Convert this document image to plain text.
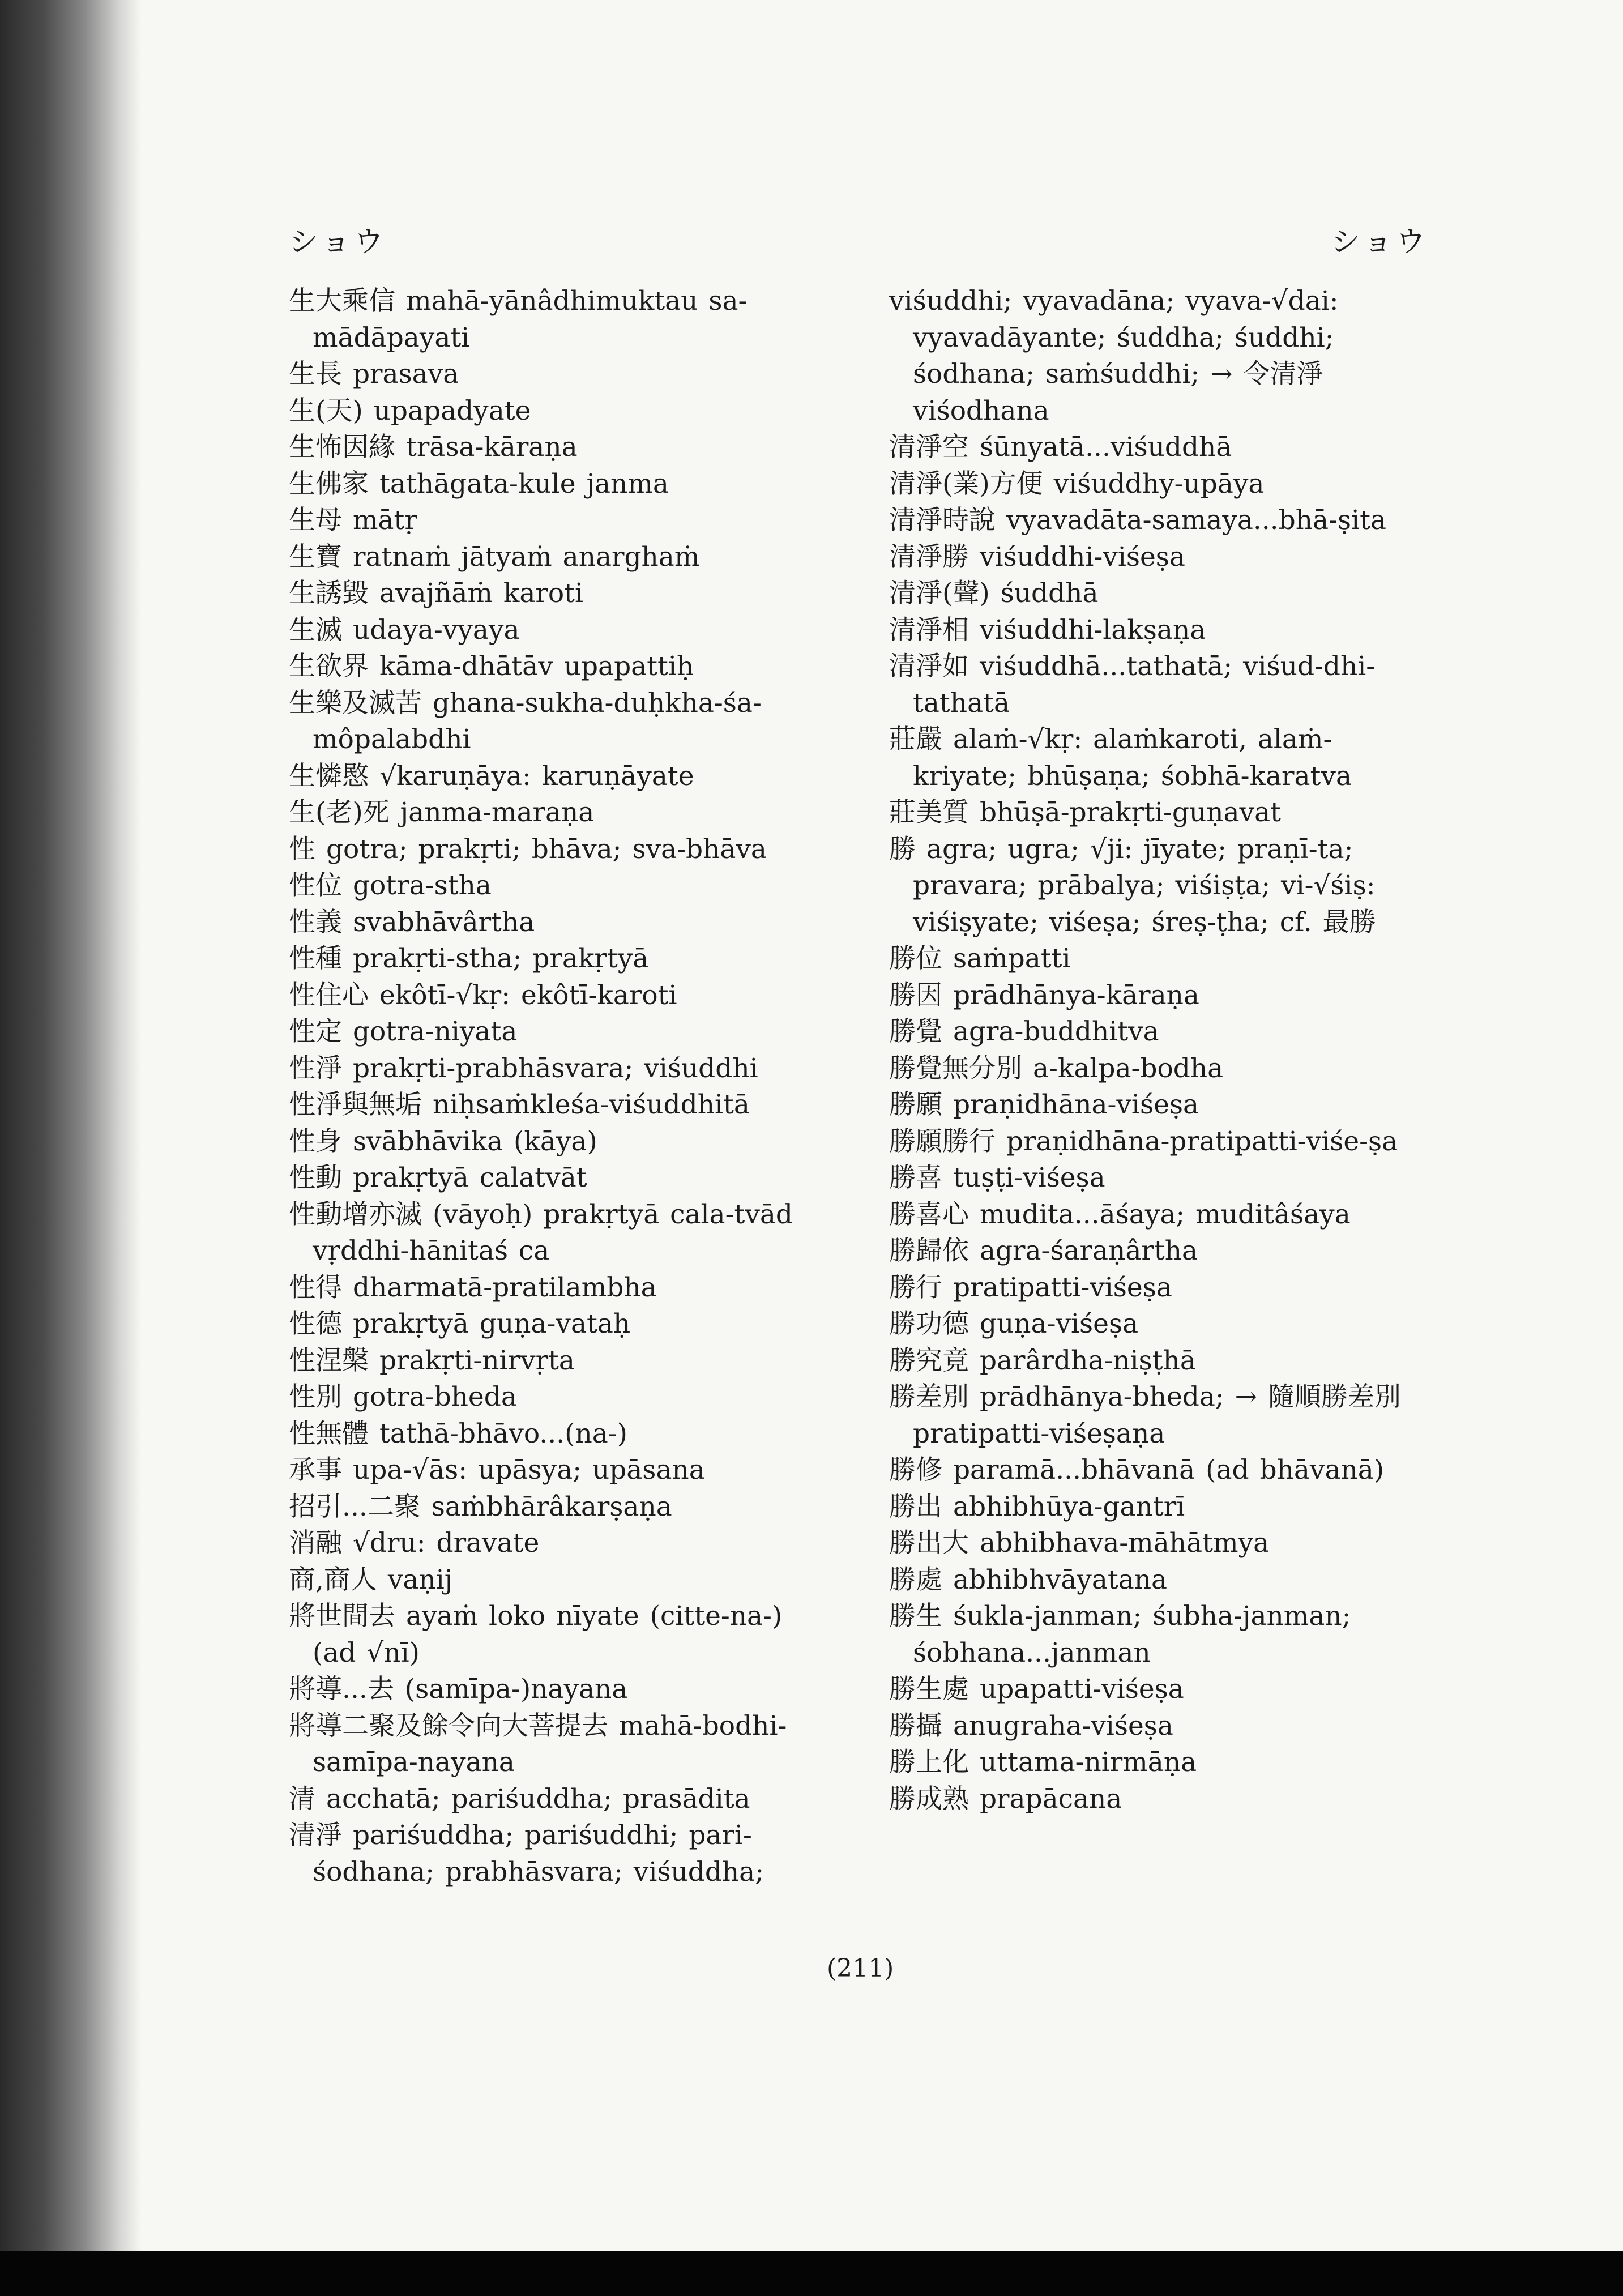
ショウ	ショウ
生大乘信 mahā-yānâdhimuktau sa-mādāpayati
生長 prasava
生(天) upapadyate
生怖因緣 trāsa-kāraṇa
生佛家 tathāgata-kule janma
生母 mātṛ
生寶 ratnaṁ jātyaṁ anarghaṁ
生誘毀 avajñāṁ karoti
生滅 udaya-vyaya
生欲界 kāma-dhātāv upapattiḥ
生樂及滅苦 ghana-sukha-duḥkha-śa-môpalabdhi
生憐愍 √karuṇāya: karuṇāyate
生(老)死 janma-maraṇa
性 gotra; prakṛti; bhāva; sva-bhāva
性位 gotra-stha
性義 svabhāvârtha
性種 prakṛti-stha; prakṛtyā
性住心 ekôtī-√kṛ: ekôtī-karoti
性定 gotra-niyata
性淨 prakṛti-prabhāsvara; viśuddhi
性淨與無垢 niḥsaṁkleśa-viśuddhitā
性身 svābhāvika (kāya)
性動 prakṛtyā calatvāt
性動增亦滅 (vāyoḥ) prakṛtyā cala-tvād vṛddhi-hānitaś ca
性得 dharmatā-pratilambha
性德 prakṛtyā guṇa-vataḥ
性涅槃 prakṛti-nirvṛta
性別 gotra-bheda
性無體 tathā-bhāvo...(na-)
承事 upa-√ās: upāsya; upāsana
招引...二聚 saṁbhārâkarṣaṇa
消融 √dru: dravate
商,商人 vaṇij
將世間去 ayaṁ loko nīyate (citte-na-) (ad √nī)
將導...去 (samīpa-)nayana
將導二聚及餘令向大菩提去 mahā-bodhi-samīpa-nayana
清 acchatā; pariśuddha; prasādita
清淨 pariśuddha; pariśuddhi; pari-śodhana; prabhāsvara; viśuddha;
viśuddhi; vyavadāna; vyava-√dai: vyavadāyante; śuddha; śuddhi; śodhana; saṁśuddhi; → 令清淨 viśodhana
清淨空 śūnyatā...viśuddhā
清淨(業)方便 viśuddhy-upāya
清淨時說 vyavadāta-samaya...bhā-ṣita
清淨勝 viśuddhi-viśeṣa
清淨(聲) śuddhā
清淨相 viśuddhi-lakṣaṇa
清淨如 viśuddhā...tathatā; viśud-dhi-tathatā
莊嚴 alaṁ-√kṛ: alaṁkaroti, alaṁ-kriyate; bhūṣaṇa; śobhā-karatva
莊美質 bhūṣā-prakṛti-guṇavat
勝 agra; ugra; √ji: jīyate; praṇī-ta; pravara; prābalya; viśiṣṭa; vi-√śiṣ: viśiṣyate; viśeṣa; śreṣ-ṭha; cf. 最勝
勝位 saṁpatti
勝因 prādhānya-kāraṇa
勝覺 agra-buddhitva
勝覺無分別 a-kalpa-bodha
勝願 praṇidhāna-viśeṣa
勝願勝行 praṇidhāna-pratipatti-viśe-ṣa
勝喜 tuṣṭi-viśeṣa
勝喜心 mudita...āśaya; muditâśaya
勝歸依 agra-śaraṇârtha
勝行 pratipatti-viśeṣa
勝功德 guṇa-viśeṣa
勝究竟 parârdha-niṣṭhā
勝差別 prādhānya-bheda; → 隨順勝差別 pratipatti-viśeṣaṇa
勝修 paramā...bhāvanā (ad bhāvanā)
勝出 abhibhūya-gantrī
勝出大 abhibhava-māhātmya
勝處 abhibhvāyatana
勝生 śukla-janman; śubha-janman; śobhana...janman
勝生處 upapatti-viśeṣa
勝攝 anugraha-viśeṣa
勝上化 uttama-nirmāṇa
勝成熟 prapācana
(211)
